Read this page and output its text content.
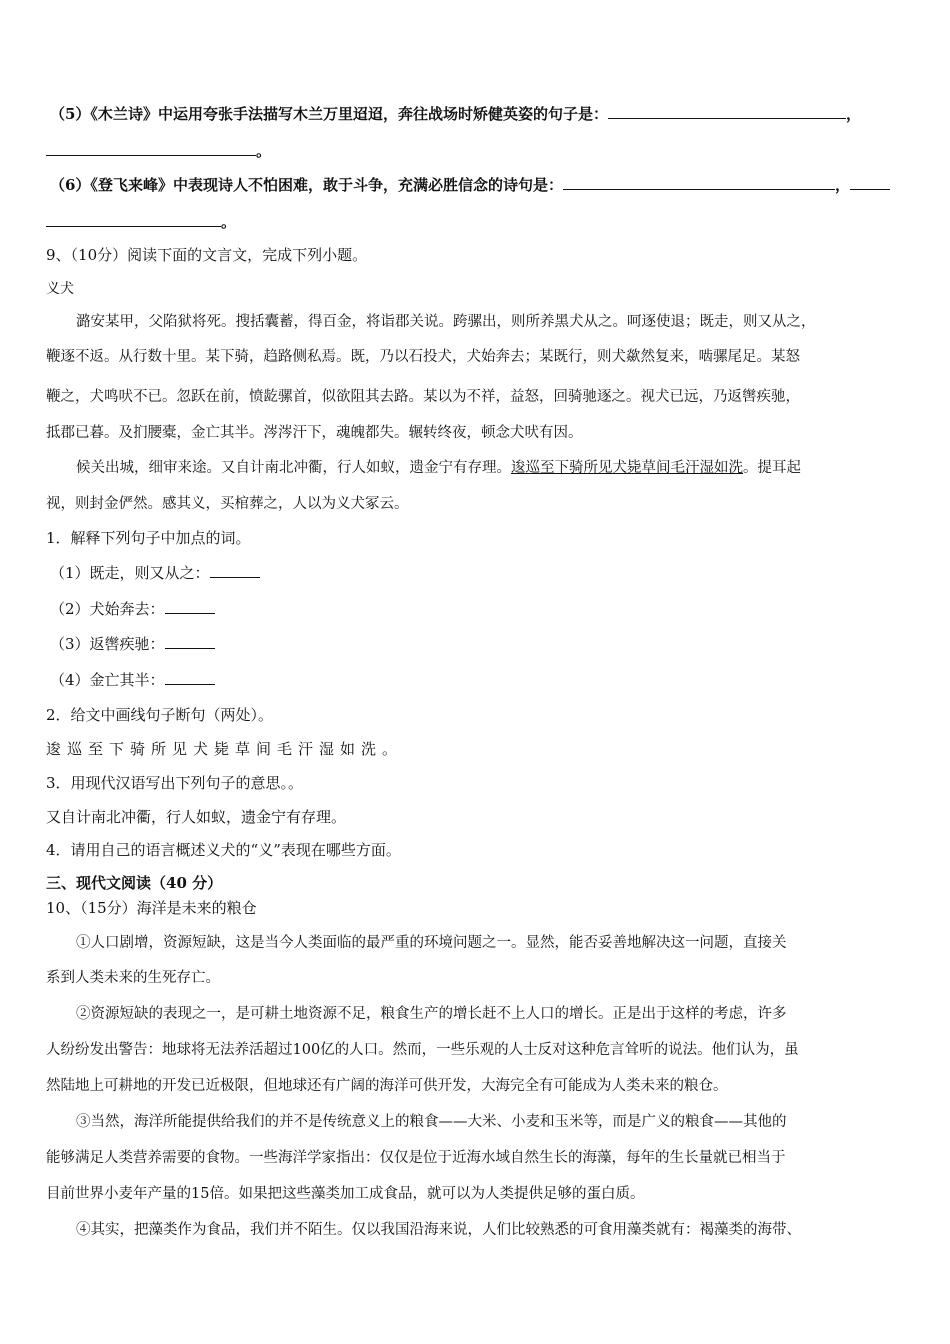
（5）《木兰诗》中运用夸张手法描写木兰万里迢迢，奔往战场时矫健英姿的句子是：	，
。
（6）《登飞来峰》中表现诗人不怕困难，敢于斗争，充满必胜信念的诗句是：	，
。
9、（10分）阅读下面的文言文，完成下列小题。
义犬
潞安某甲，父陷狱将死。搜括囊蓄，得百金，将诣郡关说。跨骡出，则所养黑犬从之。呵逐使退；既走，则又从之，
鞭逐不返。从行数十里。某下骑，趋路侧私焉。既，乃以石投犬，犬始奔去；某既行，则犬歘然复来，啮骡尾足。某怒
鞭之，犬鸣吠不已。忽跃在前，愤龁骡首，似欲阻其去路。某以为不祥，益怒，回骑驰逐之。视犬已远，乃返辔疾驰，
抵郡已暮。及扪腰橐，金亡其半。涔涔汗下，魂魄都失。辗转终夜，顿念犬吠有因。
候关出城，细审来途。又自计南北冲衢，行人如蚁，遗金宁有存理。逡巡至下骑所见犬毙草间毛汗湿如洗。提耳起
视，则封金俨然。感其义，买棺葬之，人以为义犬冢云。
1．解释下列句子中加点的词。
（1）既走，则又从之：
（2）犬始奔去：
（3）返辔疾驰：
（4）金亡其半：
2．给文中画线句子断句（两处）。
逡巡至下骑所见犬毙草间毛汗湿如洗。
3．用现代汉语写出下列句子的意思。。
又自计南北冲衢，行人如蚁，遗金宁有存理。
4．请用自己的语言概述义犬的“义”表现在哪些方面。
三、现代文阅读（40 分）
10、（15分）海洋是未来的粮仓
①人口剧增，资源短缺，这是当今人类面临的最严重的环境问题之一。显然，能否妥善地解决这一问题，直接关
系到人类未来的生死存亡。
②资源短缺的表现之一，是可耕土地资源不足，粮食生产的增长赶不上人口的增长。正是出于这样的考虑，许多
人纷纷发出警告：地球将无法养活超过100亿的人口。然而，一些乐观的人士反对这种危言耸听的说法。他们认为，虽
然陆地上可耕地的开发已近极限，但地球还有广阔的海洋可供开发，大海完全有可能成为人类未来的粮仓。
③当然，海洋所能提供给我们的并不是传统意义上的粮食——大米、小麦和玉米等，而是广义的粮食——其他的
能够满足人类营养需要的食物。一些海洋学家指出：仅仅是位于近海水域自然生长的海藻，每年的生长量就已相当于
目前世界小麦年产量的15倍。如果把这些藻类加工成食品，就可以为人类提供足够的蛋白质。
④其实，把藻类作为食品，我们并不陌生。仅以我国沿海来说，人们比较熟悉的可食用藻类就有：褐藻类的海带、
